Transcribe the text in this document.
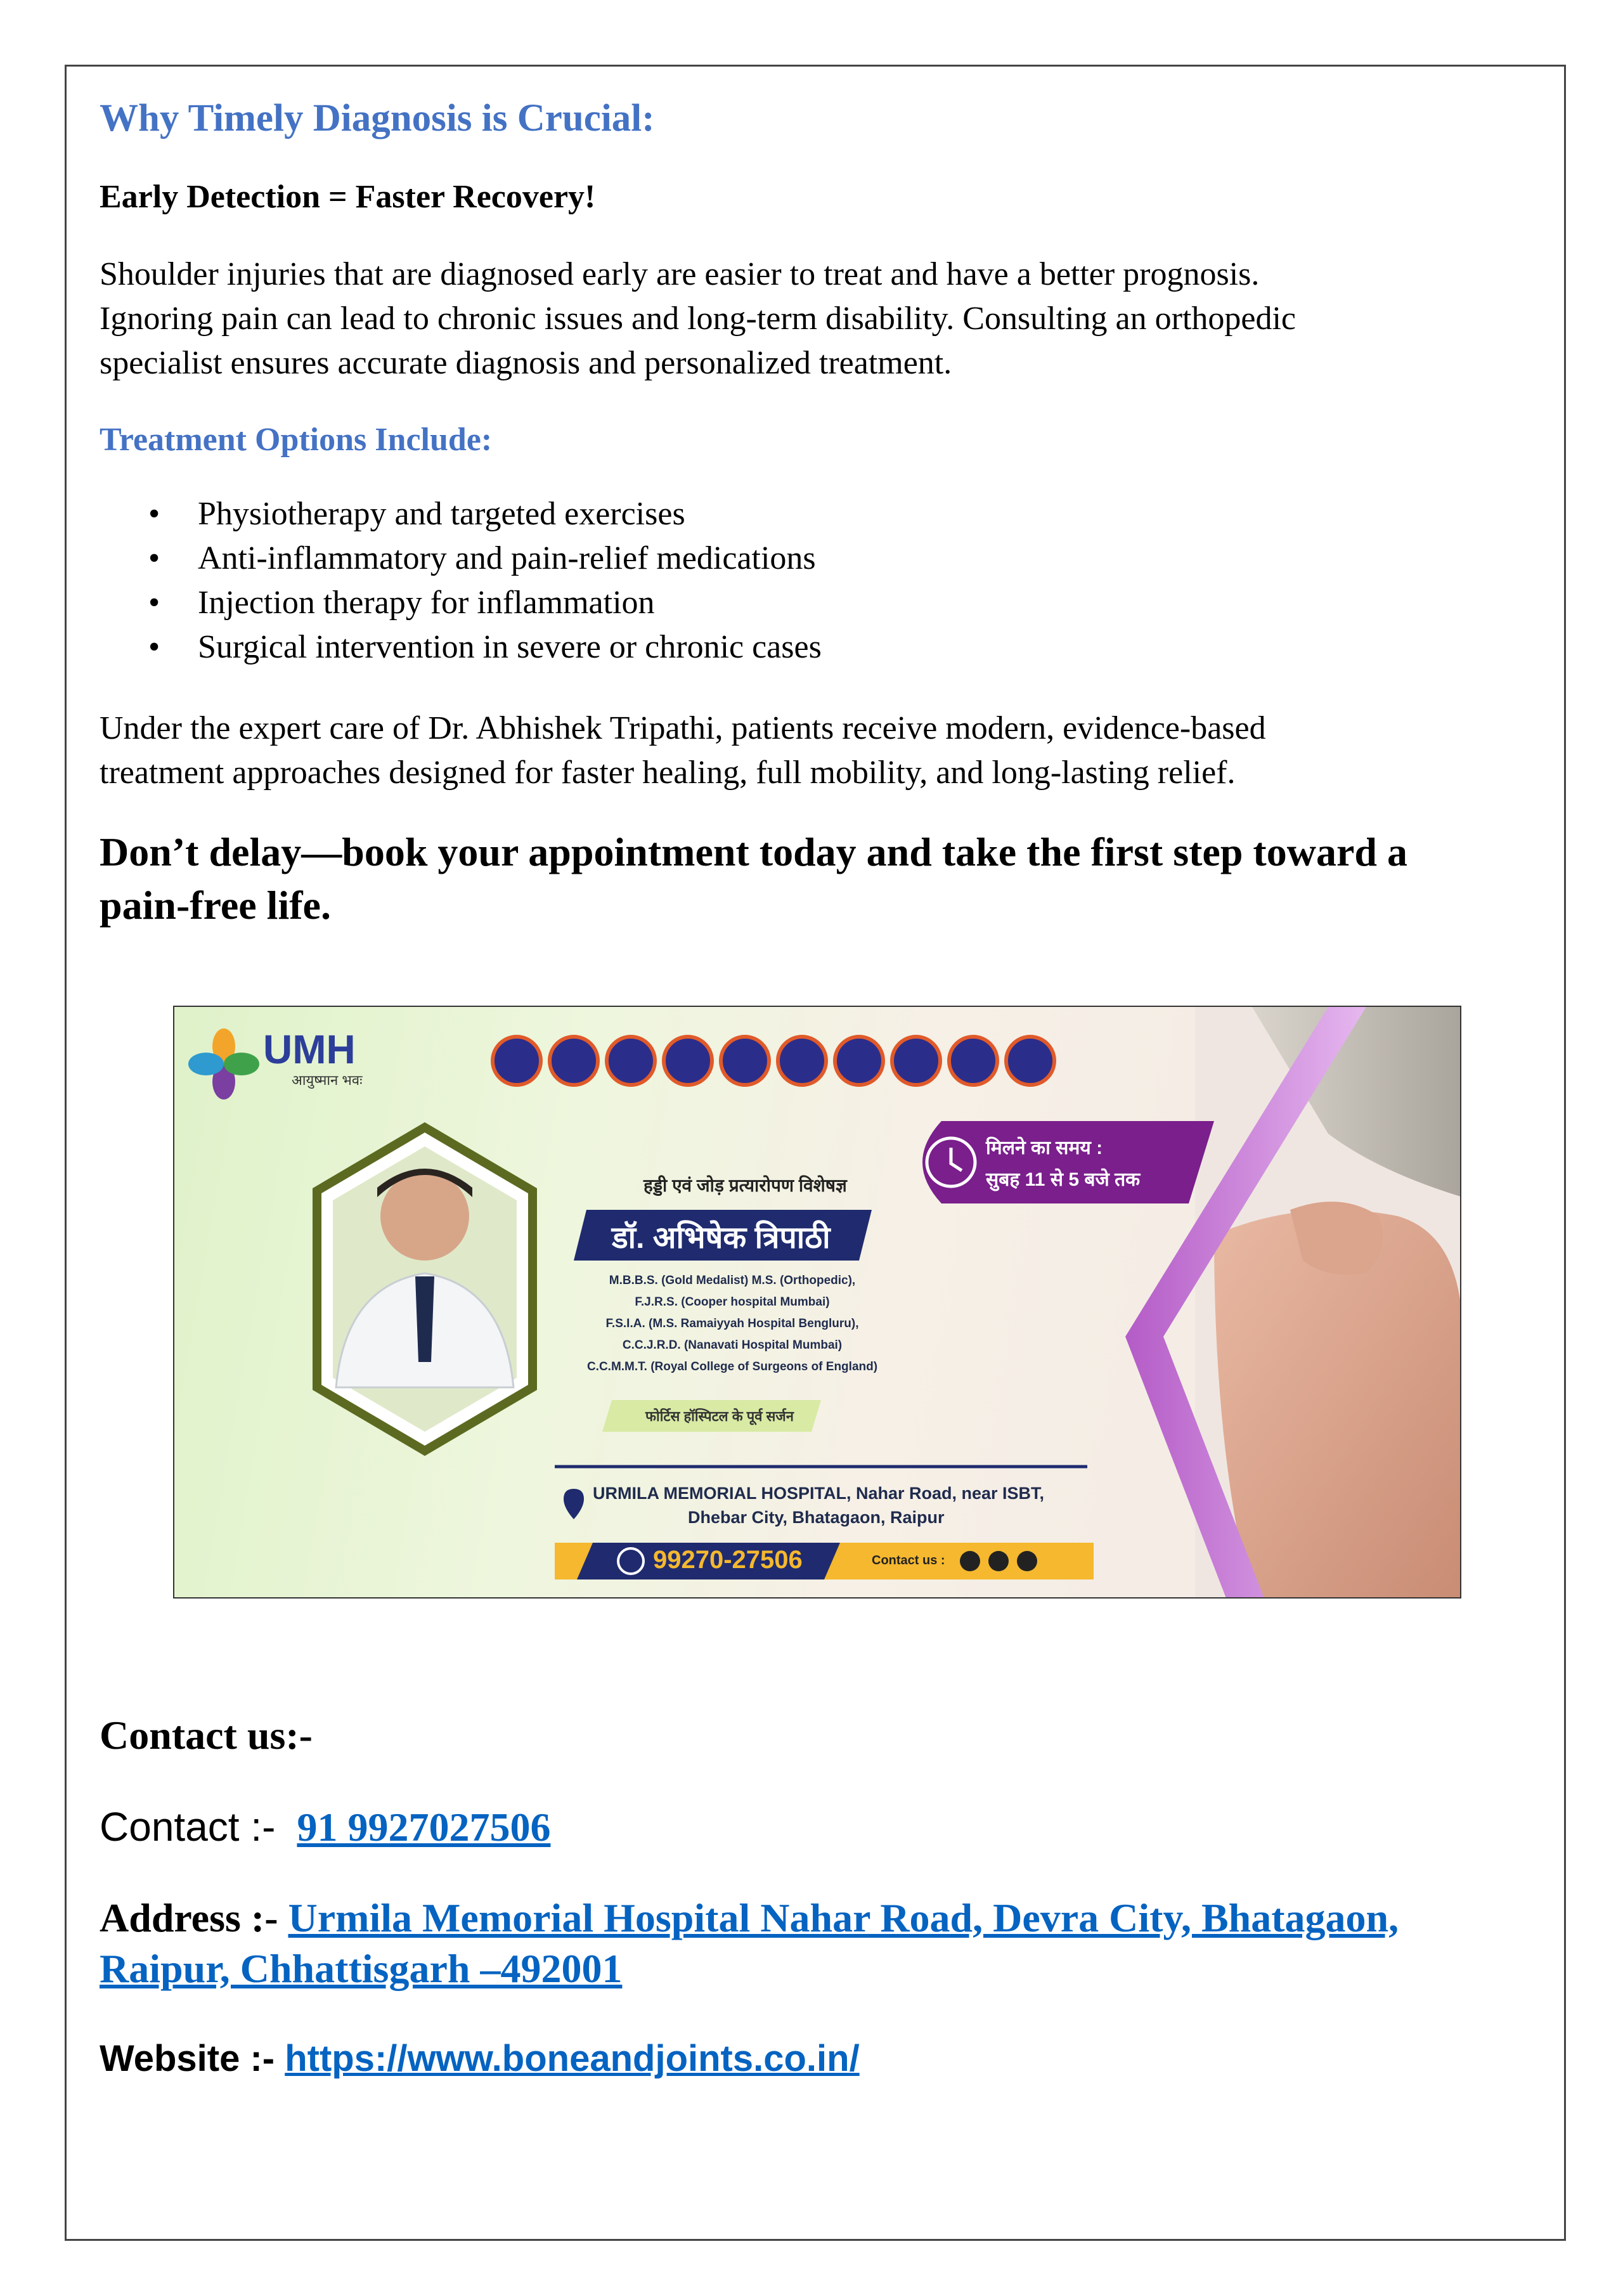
Why Timely Diagnosis is Crucial:

Early Detection = Faster Recovery!

Shoulder injuries that are diagnosed early are easier to treat and have a better prognosis.
Ignoring pain can lead to chronic issues and long-term disability. Consulting an orthopedic
specialist ensures accurate diagnosis and personalized treatment.

Treatment Options Include:
• Physiotherapy and targeted exercises
• Anti-inflammatory and pain-relief medications
• Injection therapy for inflammation
• Surgical intervention in severe or chronic cases

Under the expert care of Dr. Abhishek Tripathi, patients receive modern, evidence-based
treatment approaches designed for faster healing, full mobility, and long-lasting relief.

Don’t delay—book your appointment today and take the first step toward a
pain-free life.

UMH
आयुष्मान भवः
हड्डी एवं जोड़ प्रत्यारोपण विशेषज्ञ
डॉ. अभिषेक त्रिपाठी
M.B.B.S. (Gold Medalist) M.S. (Orthopedic),
F.J.R.S. (Cooper hospital Mumbai)
F.S.I.A. (M.S. Ramaiyyah Hospital Bengluru),
C.C.J.R.D. (Nanavati Hospital Mumbai)
C.C.M.M.T. (Royal College of Surgeons of England)
फोर्टिस हॉस्पिटल के पूर्व सर्जन
मिलने का समय :
सुबह 11 से 5 बजे तक
URMILA MEMORIAL HOSPITAL, Nahar Road, near ISBT,
Dhebar City, Bhatagaon, Raipur
99270-27506	Contact us :

Contact us:-

Contact :- 91 9927027506

Address :- Urmila Memorial Hospital Nahar Road, Devra City, Bhatagaon,
Raipur, Chhattisgarh –492001

Website :- https://www.boneandjoints.co.in/
